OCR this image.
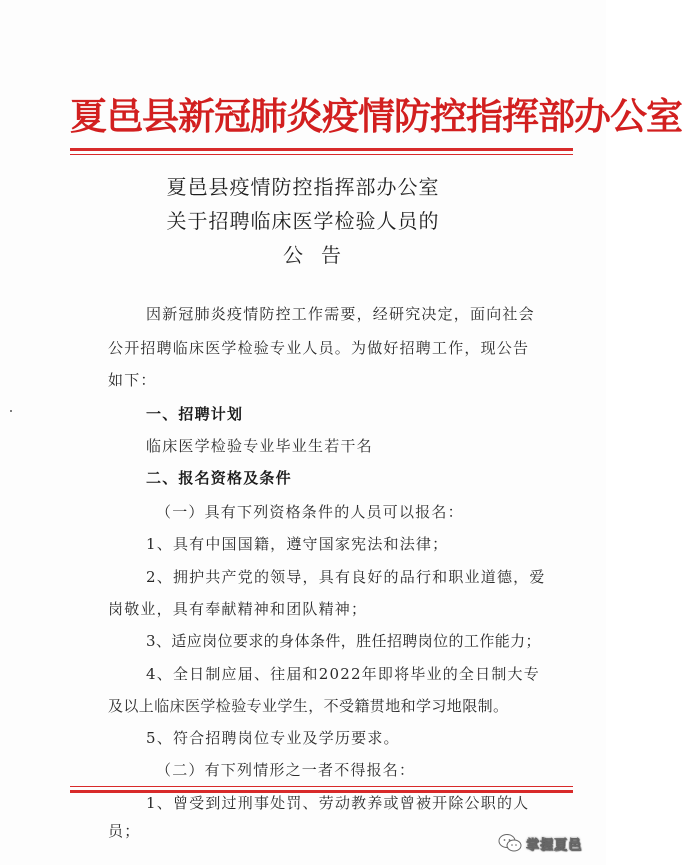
夏邑县新冠肺炎疫情防控指挥部办公室
夏邑县疫情防控指挥部办公室
关于招聘临床医学检验人员的
公告
因新冠肺炎疫情防控工作需要，经研究决定，面向社会
公开招聘临床医学检验专业人员。为做好招聘工作，现公告
如下：
一、招聘计划
临床医学检验专业毕业生若干名
二、报名资格及条件
（一）具有下列资格条件的人员可以报名：
1、具有中国国籍，遵守国家宪法和法律；
2、拥护共产党的领导，具有良好的品行和职业道德，爱
岗敬业，具有奉献精神和团队精神；
3、适应岗位要求的身体条件，胜任招聘岗位的工作能力；
4、全日制应届、往届和2022年即将毕业的全日制大专
及以上临床医学检验专业学生，不受籍贯地和学习地限制。
5、符合招聘岗位专业及学历要求。
（二）有下列情形之一者不得报名：
1、曾受到过刑事处罚、劳动教养或曾被开除公职的人
员；
掌握夏邑
